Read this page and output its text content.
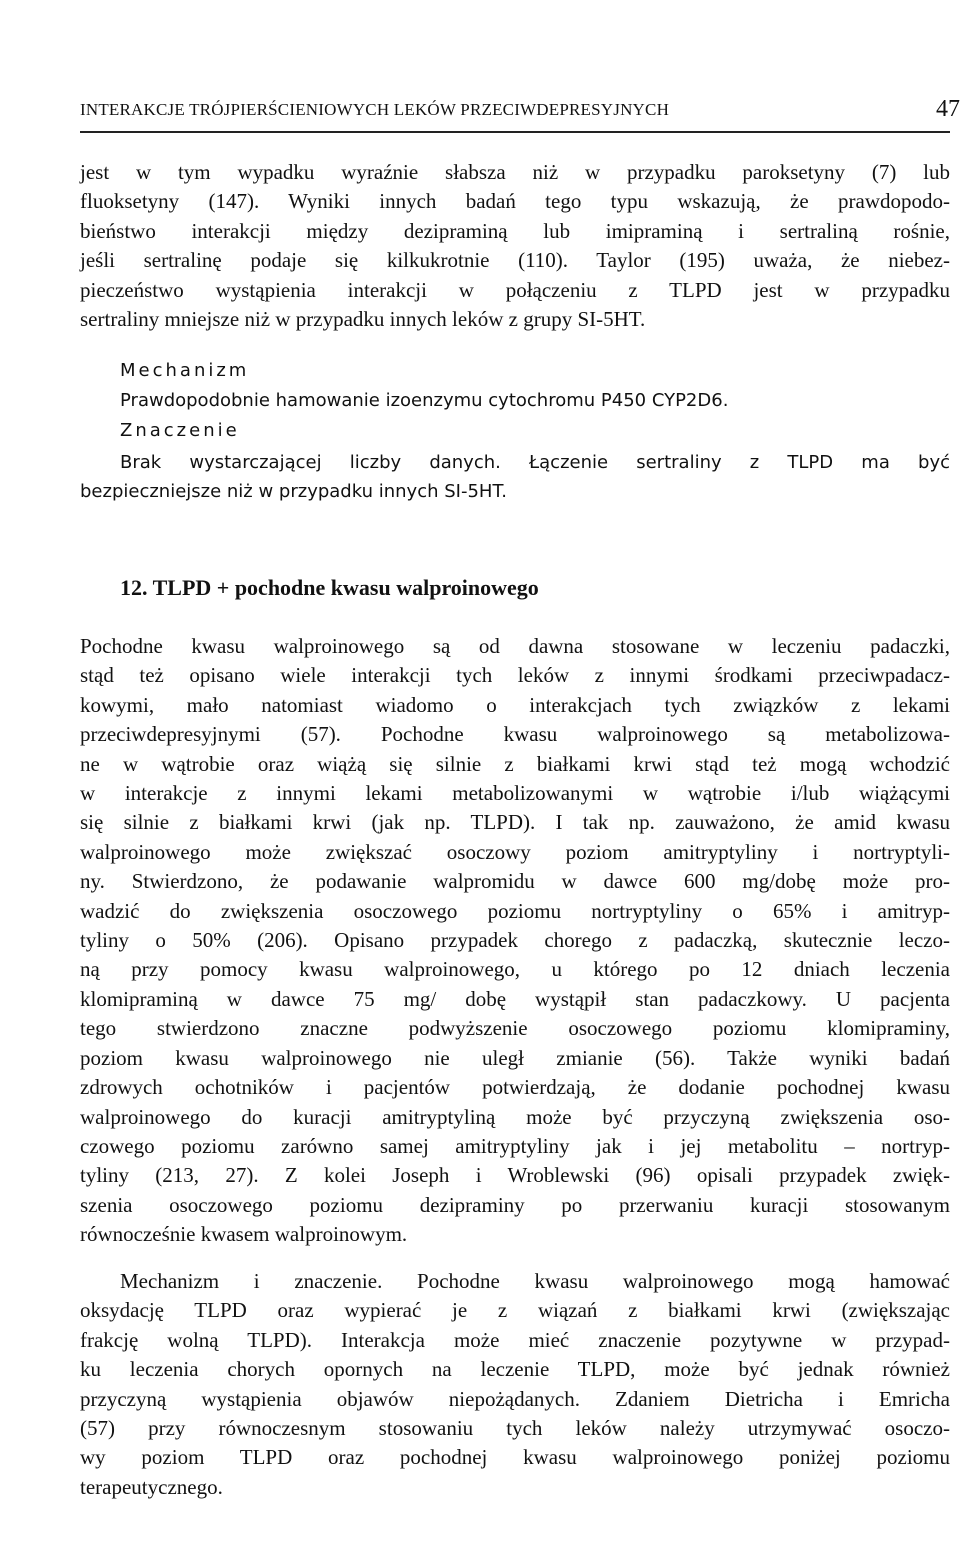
INTERAKCJE TRÓJPIERŚCIENIOWYCH LEKÓW PRZECIWDEPRESYJNYCH	47
jest w tym wypadku wyraźnie słabsza niż w przypadku paroksetyny (7) lub
fluoksetyny (147). Wyniki innych badań tego typu wskazują, że prawdopodo-
bieństwo interakcji między dezipraminą lub imipraminą i sertraliną rośnie,
jeśli sertralinę podaje się kilkukrotnie (110). Taylor (195) uważa, że niebez-
pieczeństwo wystąpienia interakcji w połączeniu z TLPD jest w przypadku
sertraliny mniejsze niż w przypadku innych leków z grupy SI-5HT.
Mechanizm
Prawdopodobnie hamowanie izoenzymu cytochromu P450 CYP2D6.
Znaczenie
Brak wystarczającej liczby danych. Łączenie sertraliny z TLPD ma być
bezpieczniejsze niż w przypadku innych SI-5HT.
12. TLPD + pochodne kwasu walproinowego
Pochodne kwasu walproinowego są od dawna stosowane w leczeniu padaczki,
stąd też opisano wiele interakcji tych leków z innymi środkami przeciwpadacz-
kowymi, mało natomiast wiadomo o interakcjach tych związków z lekami
przeciwdepresyjnymi (57). Pochodne kwasu walproinowego są metabolizowa-
ne w wątrobie oraz wiążą się silnie z białkami krwi stąd też mogą wchodzić
w interakcje z innymi lekami metabolizowanymi w wątrobie i/lub wiążącymi
się silnie z białkami krwi (jak np. TLPD). I tak np. zauważono, że amid kwasu
walproinowego może zwiększać osoczowy poziom amitryptyliny i nortryptyli-
ny. Stwierdzono, że podawanie walpromidu w dawce 600 mg/dobę może pro-
wadzić do zwiększenia osoczowego poziomu nortryptyliny o 65% i amitryp-
tyliny o 50% (206). Opisano przypadek chorego z padaczką, skutecznie leczo-
ną przy pomocy kwasu walproinowego, u którego po 12 dniach leczenia
klomipraminą w dawce 75 mg/ dobę wystąpił stan padaczkowy. U pacjenta
tego stwierdzono znaczne podwyższenie osoczowego poziomu klomipraminy,
poziom kwasu walproinowego nie uległ zmianie (56). Także wyniki badań
zdrowych ochotników i pacjentów potwierdzają, że dodanie pochodnej kwasu
walproinowego do kuracji amitryptyliną może być przyczyną zwiększenia oso-
czowego poziomu zarówno samej amitryptyliny jak i jej metabolitu – nortryp-
tyliny (213, 27). Z kolei Joseph i Wroblewski (96) opisali przypadek zwięk-
szenia osoczowego poziomu dezipraminy po przerwaniu kuracji stosowanym
równocześnie kwasem walproinowym.
Mechanizm i znaczenie. Pochodne kwasu walproinowego mogą hamować
oksydację TLPD oraz wypierać je z wiązań z białkami krwi (zwiększając
frakcję wolną TLPD). Interakcja może mieć znaczenie pozytywne w przypad-
ku leczenia chorych opornych na leczenie TLPD, może być jednak również
przyczyną wystąpienia objawów niepożądanych. Zdaniem Dietricha i Emricha
(57) przy równoczesnym stosowaniu tych leków należy utrzymywać osoczo-
wy poziom TLPD oraz pochodnej kwasu walproinowego poniżej poziomu
terapeutycznego.
